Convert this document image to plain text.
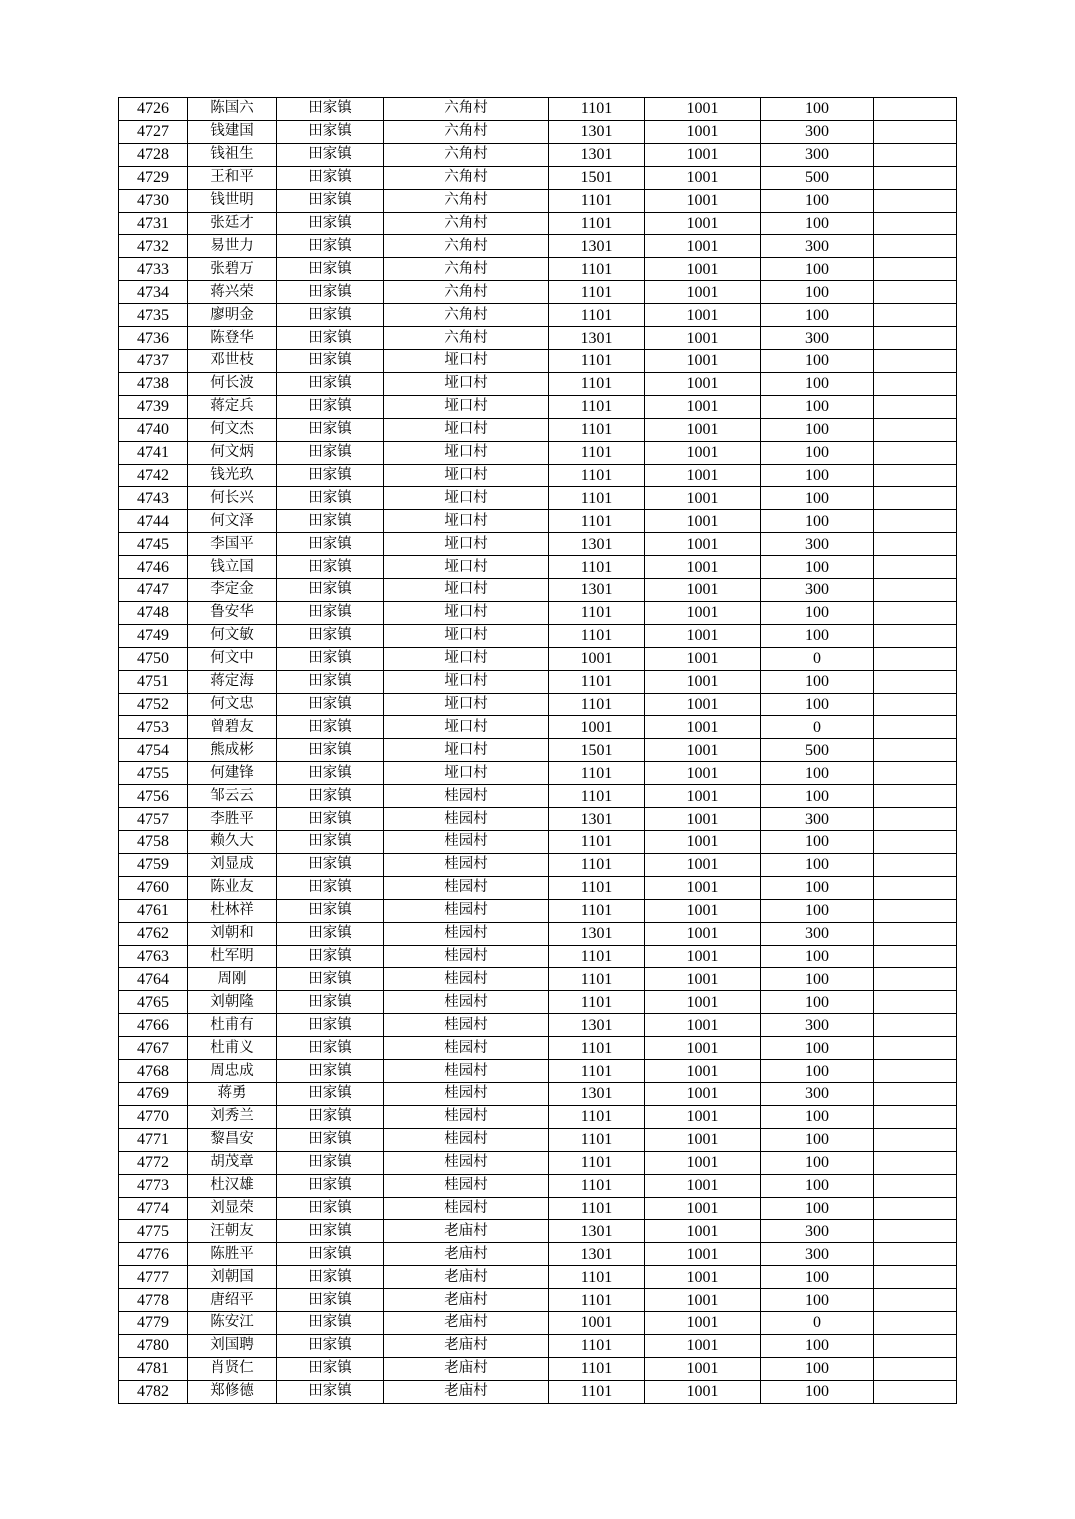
4726	陈国六	田家镇	六角村	1101	1001	100	
4727	钱建国	田家镇	六角村	1301	1001	300	
4728	钱祖生	田家镇	六角村	1301	1001	300	
4729	王和平	田家镇	六角村	1501	1001	500	
4730	钱世明	田家镇	六角村	1101	1001	100	
4731	张廷才	田家镇	六角村	1101	1001	100	
4732	易世力	田家镇	六角村	1301	1001	300	
4733	张碧万	田家镇	六角村	1101	1001	100	
4734	蒋兴荣	田家镇	六角村	1101	1001	100	
4735	廖明金	田家镇	六角村	1101	1001	100	
4736	陈登华	田家镇	六角村	1301	1001	300	
4737	邓世枝	田家镇	垭口村	1101	1001	100	
4738	何长波	田家镇	垭口村	1101	1001	100	
4739	蒋定兵	田家镇	垭口村	1101	1001	100	
4740	何文杰	田家镇	垭口村	1101	1001	100	
4741	何文炳	田家镇	垭口村	1101	1001	100	
4742	钱光玖	田家镇	垭口村	1101	1001	100	
4743	何长兴	田家镇	垭口村	1101	1001	100	
4744	何文泽	田家镇	垭口村	1101	1001	100	
4745	李国平	田家镇	垭口村	1301	1001	300	
4746	钱立国	田家镇	垭口村	1101	1001	100	
4747	李定金	田家镇	垭口村	1301	1001	300	
4748	鲁安华	田家镇	垭口村	1101	1001	100	
4749	何文敏	田家镇	垭口村	1101	1001	100	
4750	何文中	田家镇	垭口村	1001	1001	0	
4751	蒋定海	田家镇	垭口村	1101	1001	100	
4752	何文忠	田家镇	垭口村	1101	1001	100	
4753	曾碧友	田家镇	垭口村	1001	1001	0	
4754	熊成彬	田家镇	垭口村	1501	1001	500	
4755	何建锋	田家镇	垭口村	1101	1001	100	
4756	邹云云	田家镇	桂园村	1101	1001	100	
4757	李胜平	田家镇	桂园村	1301	1001	300	
4758	赖久大	田家镇	桂园村	1101	1001	100	
4759	刘显成	田家镇	桂园村	1101	1001	100	
4760	陈业友	田家镇	桂园村	1101	1001	100	
4761	杜林祥	田家镇	桂园村	1101	1001	100	
4762	刘朝和	田家镇	桂园村	1301	1001	300	
4763	杜军明	田家镇	桂园村	1101	1001	100	
4764	周刚	田家镇	桂园村	1101	1001	100	
4765	刘朝隆	田家镇	桂园村	1101	1001	100	
4766	杜甫有	田家镇	桂园村	1301	1001	300	
4767	杜甫义	田家镇	桂园村	1101	1001	100	
4768	周忠成	田家镇	桂园村	1101	1001	100	
4769	蒋勇	田家镇	桂园村	1301	1001	300	
4770	刘秀兰	田家镇	桂园村	1101	1001	100	
4771	黎昌安	田家镇	桂园村	1101	1001	100	
4772	胡茂章	田家镇	桂园村	1101	1001	100	
4773	杜汉雄	田家镇	桂园村	1101	1001	100	
4774	刘显荣	田家镇	桂园村	1101	1001	100	
4775	汪朝友	田家镇	老庙村	1301	1001	300	
4776	陈胜平	田家镇	老庙村	1301	1001	300	
4777	刘朝国	田家镇	老庙村	1101	1001	100	
4778	唐绍平	田家镇	老庙村	1101	1001	100	
4779	陈安江	田家镇	老庙村	1001	1001	0	
4780	刘国聘	田家镇	老庙村	1101	1001	100	
4781	肖贤仁	田家镇	老庙村	1101	1001	100	
4782	郑修德	田家镇	老庙村	1101	1001	100	
